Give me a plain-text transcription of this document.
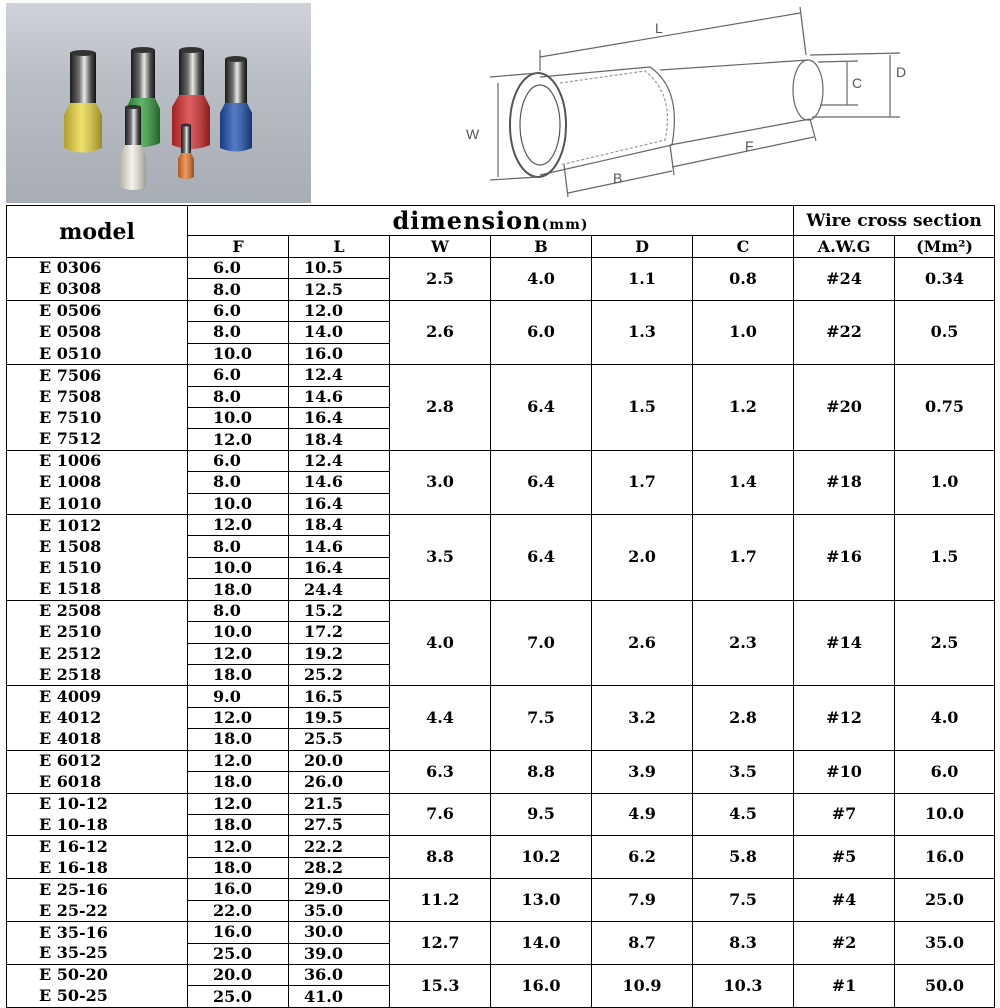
L
W
B
F
C
D
model	dimension(mm)						Wire cross section	
	F	L	W	B	D	C	A.W.G	(Mm²)
E 0306	6.0	10.5	2.5	4.0	1.1	0.8	#24	0.34
E 0308	8.0	12.5						
E 0506	6.0	12.0	2.6	6.0	1.3	1.0	#22	0.5
E 0508	8.0	14.0						
E 0510	10.0	16.0						
E 7506	6.0	12.4	2.8	6.4	1.5	1.2	#20	0.75
E 7508	8.0	14.6						
E 7510	10.0	16.4						
E 7512	12.0	18.4						
E 1006	6.0	12.4	3.0	6.4	1.7	1.4	#18	1.0
E 1008	8.0	14.6						
E 1010	10.0	16.4						
E 1012	12.0	18.4	3.5	6.4	2.0	1.7	#16	1.5
E 1508	8.0	14.6						
E 1510	10.0	16.4						
E 1518	18.0	24.4						
E 2508	8.0	15.2	4.0	7.0	2.6	2.3	#14	2.5
E 2510	10.0	17.2						
E 2512	12.0	19.2						
E 2518	18.0	25.2						
E 4009	9.0	16.5	4.4	7.5	3.2	2.8	#12	4.0
E 4012	12.0	19.5						
E 4018	18.0	25.5						
E 6012	12.0	20.0	6.3	8.8	3.9	3.5	#10	6.0
E 6018	18.0	26.0						
E 10-12	12.0	21.5	7.6	9.5	4.9	4.5	#7	10.0
E 10-18	18.0	27.5						
E 16-12	12.0	22.2	8.8	10.2	6.2	5.8	#5	16.0
E 16-18	18.0	28.2						
E 25-16	16.0	29.0	11.2	13.0	7.9	7.5	#4	25.0
E 25-22	22.0	35.0						
E 35-16	16.0	30.0	12.7	14.0	8.7	8.3	#2	35.0
E 35-25	25.0	39.0						
E 50-20	20.0	36.0	15.3	16.0	10.9	10.3	#1	50.0
E 50-25	25.0	41.0						
